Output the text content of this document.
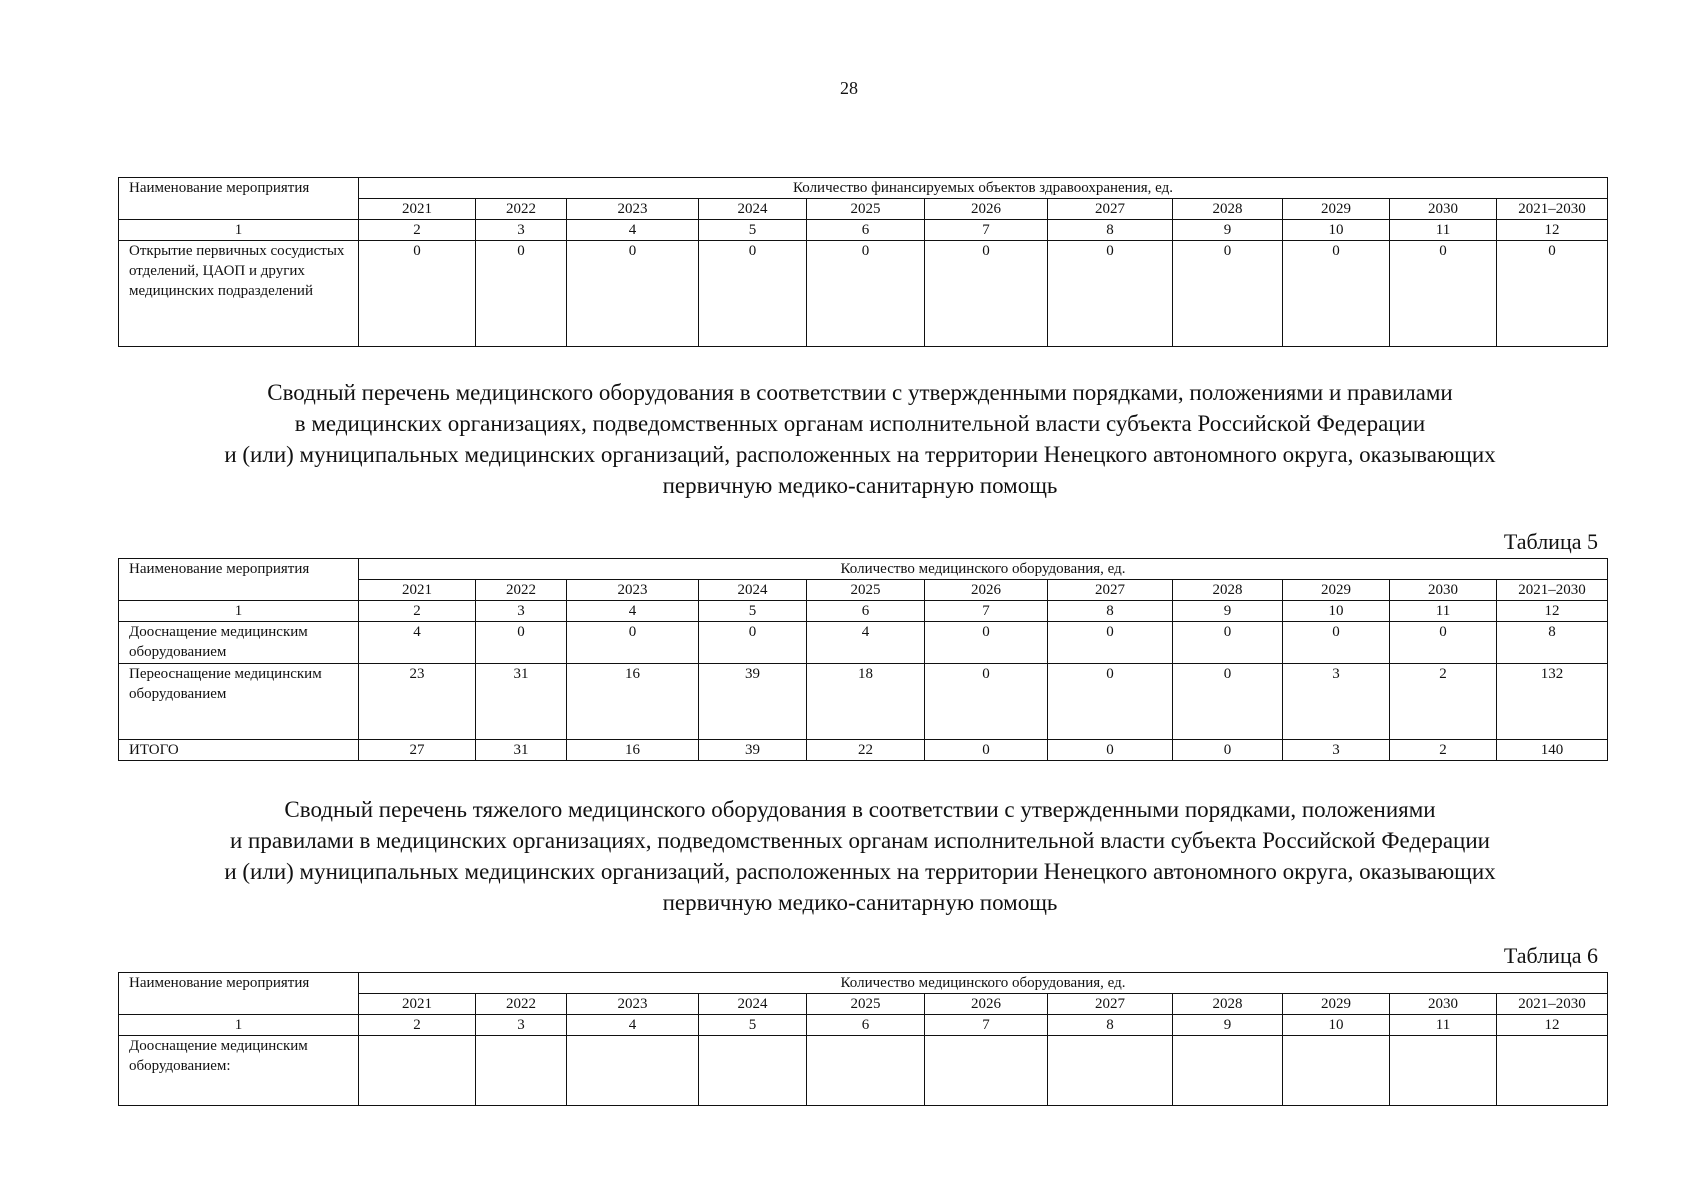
28
Наименование мероприятия	Количество финансируемых объектов здравоохранения, ед.										
	2021	2022	2023	2024	2025	2026	2027	2028	2029	2030	2021–2030
1	2	3	4	5	6	7	8	9	10	11	12
Открытие первичных сосудистых отделений, ЦАОП и других медицинских подразделений	0	0	0	0	0	0	0	0	0	0	0
Сводный перечень медицинского оборудования в соответствии с утвержденными порядками, положениями и правилами
в медицинских организациях, подведомственных органам исполнительной власти субъекта Российской Федерации
и (или) муниципальных медицинских организаций, расположенных на территории Ненецкого автономного округа, оказывающих
первичную медико-санитарную помощь
Таблица 5
Наименование мероприятия	Количество медицинского оборудования, ед.										
	2021	2022	2023	2024	2025	2026	2027	2028	2029	2030	2021–2030
1	2	3	4	5	6	7	8	9	10	11	12
Дооснащение медицинским оборудованием	4	0	0	0	4	0	0	0	0	0	8
Переоснащение медицинским оборудованием	23	31	16	39	18	0	0	0	3	2	132
ИТОГО	27	31	16	39	22	0	0	0	3	2	140
Сводный перечень тяжелого медицинского оборудования в соответствии с утвержденными порядками, положениями
и правилами в медицинских организациях, подведомственных органам исполнительной власти субъекта Российской Федерации
и (или) муниципальных медицинских организаций, расположенных на территории Ненецкого автономного округа, оказывающих
первичную медико-санитарную помощь
Таблица 6
Наименование мероприятия	Количество медицинского оборудования, ед.										
	2021	2022	2023	2024	2025	2026	2027	2028	2029	2030	2021–2030
1	2	3	4	5	6	7	8	9	10	11	12
Дооснащение медицинским оборудованием:											
